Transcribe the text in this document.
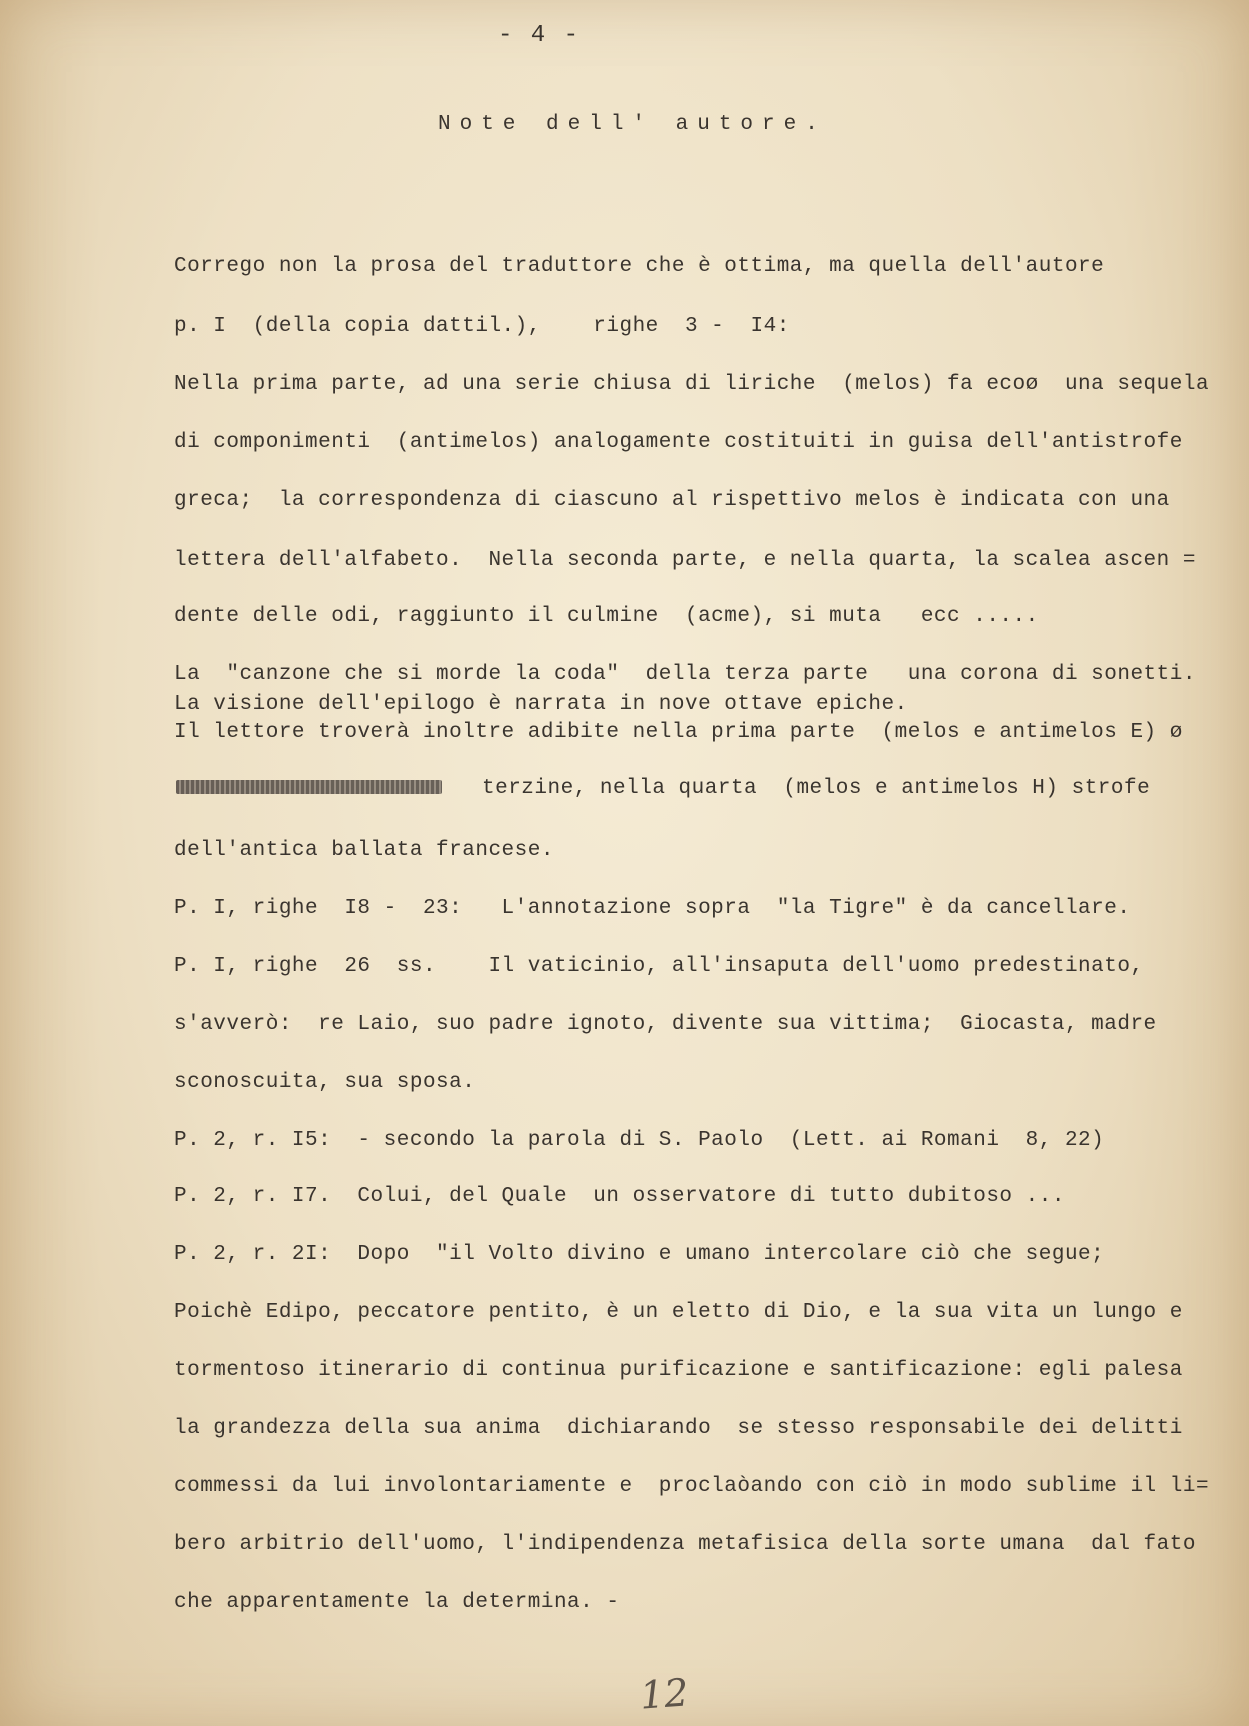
- 4 -
Note dell' autore.
Corrego non la prosa del traduttore che è ottima, ma quella dell'autore
p. I  (della copia dattil.),    righe  3 -  I4:
Nella prima parte, ad una serie chiusa di liriche  (melos) fa ecoø  una sequela
di componimenti  (antimelos) analogamente costituiti in guisa dell'antistrofe
greca;  la correspondenza di ciascuno al rispettivo melos è indicata con una
lettera dell'alfabeto.  Nella seconda parte, e nella quarta, la scalea ascen =
dente delle odi, raggiunto il culmine  (acme), si muta   ecc .....
La  "canzone che si morde la coda"  della terza parte   una corona di sonetti.
La visione dell'epilogo è narrata in nove ottave epiche.
Il lettore troverà inoltre adibite nella prima parte  (melos e antimelos E) ø
terzine, nella quarta  (melos e antimelos H) strofe
dell'antica ballata francese.
P. I, righe  I8 -  23:   L'annotazione sopra  "la Tigre" è da cancellare.
P. I, righe  26  ss.    Il vaticinio, all'insaputa dell'uomo predestinato,
s'avverò:  re Laio, suo padre ignoto, divente sua vittima;  Giocasta, madre
sconoscuita, sua sposa.
P. 2, r. I5:  - secondo la parola di S. Paolo  (Lett. ai Romani  8, 22)
P. 2, r. I7.  Colui, del Quale  un osservatore di tutto dubitoso ...
P. 2, r. 2I:  Dopo  "il Volto divino e umano intercolare ciò che segue;
Poichè Edipo, peccatore pentito, è un eletto di Dio, e la sua vita un lungo e
tormentoso itinerario di continua purificazione e santificazione: egli palesa
la grandezza della sua anima  dichiarando  se stesso responsabile dei delitti
commessi da lui involontariamente e  proclaòando con ciò in modo sublime il li=
bero arbitrio dell'uomo, l'indipendenza metafisica della sorte umana  dal fato
che apparentamente la determina. -
12
